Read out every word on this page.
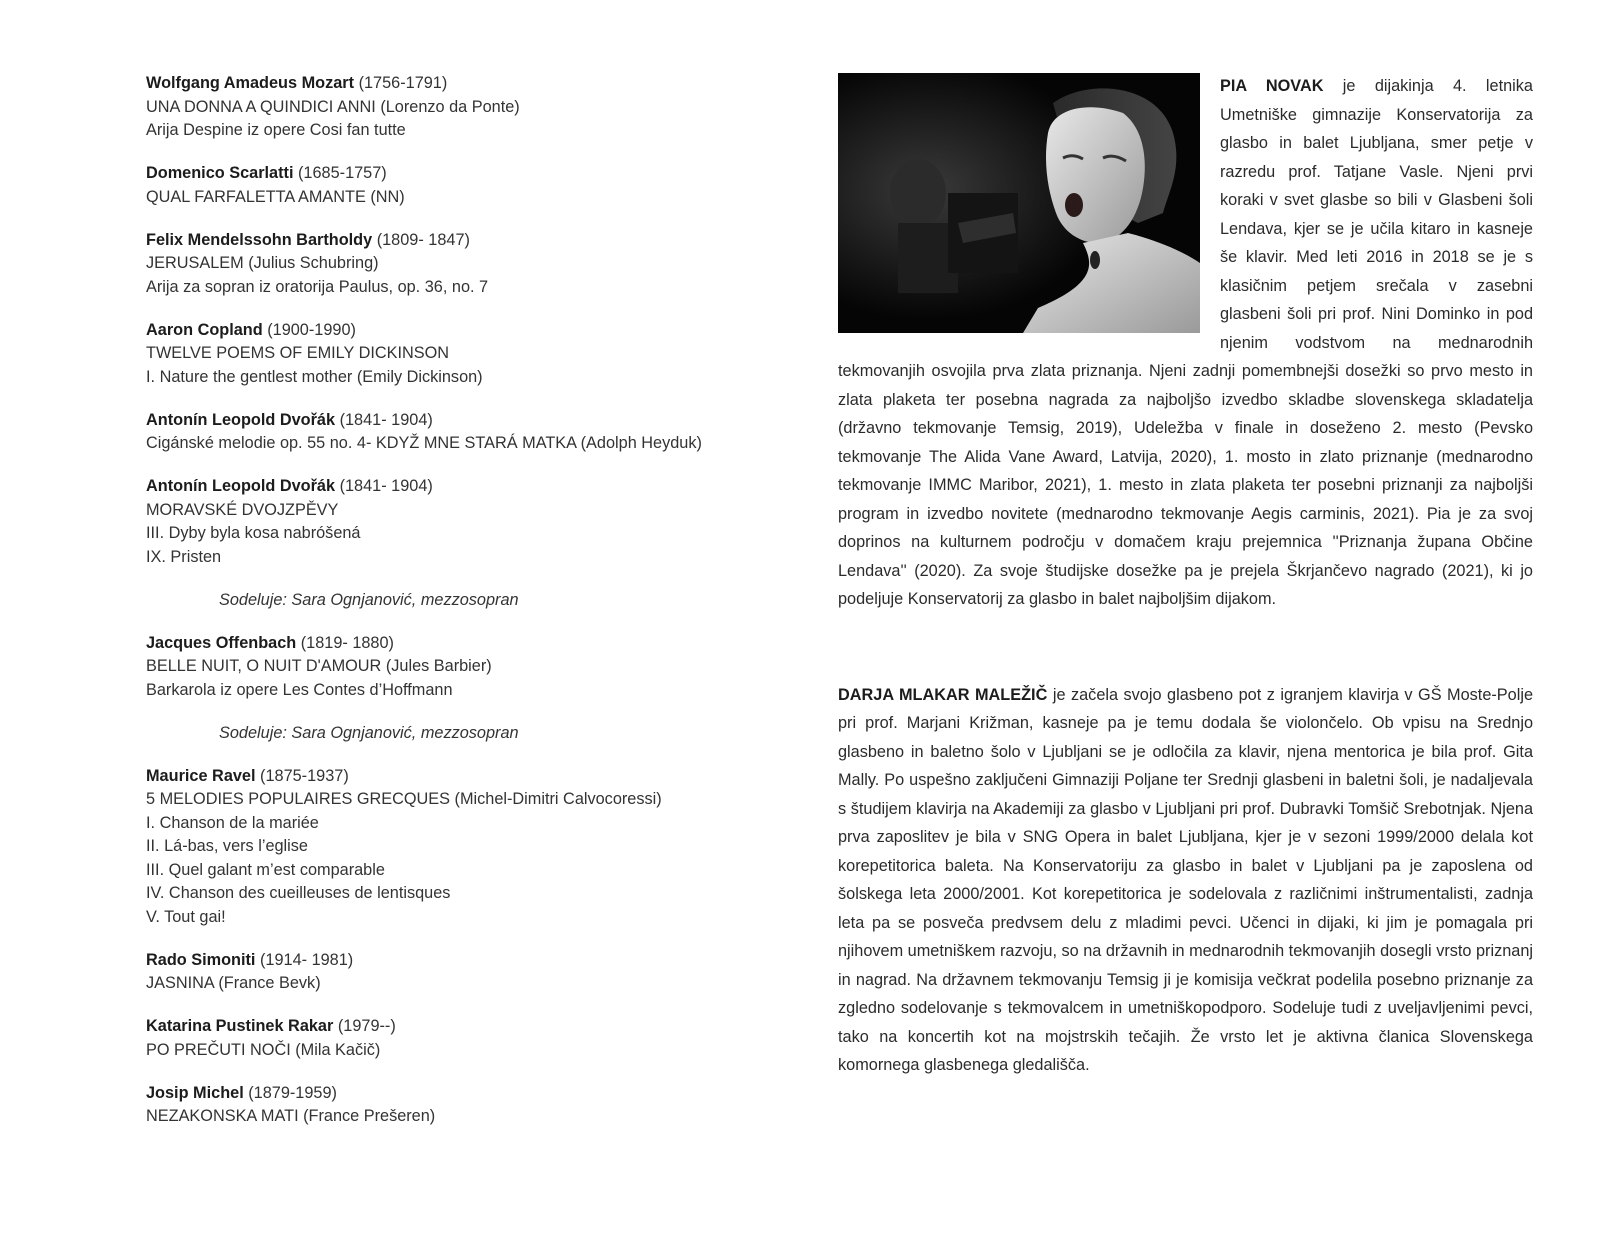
Wolfgang Amadeus Mozart (1756-1791)
UNA DONNA A QUINDICI ANNI (Lorenzo da Ponte)
Arija Despine iz opere Cosi fan tutte
Domenico Scarlatti (1685-1757)
QUAL FARFALETTA AMANTE (NN)
Felix Mendelssohn Bartholdy (1809- 1847)
JERUSALEM (Julius Schubring)
Arija za sopran iz oratorija Paulus, op. 36, no. 7
Aaron Copland (1900-1990)
TWELVE POEMS OF EMILY DICKINSON
I. Nature the gentlest mother (Emily Dickinson)
Antonín Leopold Dvořák (1841- 1904)
Cigánské melodie op. 55 no. 4- KDYŽ MNE STARÁ MATKA (Adolph Heyduk)
Antonín Leopold Dvořák (1841- 1904)
MORAVSKÉ DVOJZPĚVY
III. Dyby byla kosa nabróšená
IX. Pristen
Sodeluje: Sara Ognjanović, mezzosopran
Jacques Offenbach (1819- 1880)
BELLE NUIT, O NUIT D'AMOUR (Jules Barbier)
Barkarola iz opere Les Contes d’Hoffmann
Sodeluje: Sara Ognjanović, mezzosopran
Maurice Ravel (1875-1937)
5 MELODIES POPULAIRES GRECQUES (Michel-Dimitri Calvocoressi)
I. Chanson de la mariée
II. Lá-bas, vers l’eglise
III. Quel galant m’est comparable
IV. Chanson des cueilleuses de lentisques
V. Tout gai!
Rado Simoniti (1914- 1981)
JASNINA (France Bevk)
Katarina Pustinek Rakar (1979--)
PO PREČUTI NOČI (Mila Kačič)
Josip Michel (1879-1959)
NEZAKONSKA MATI (France Prešeren)

PIA NOVAK je dijakinja 4. letnika Umetniške gimnazije Konservatorija za glasbo in balet Ljubljana, smer petje v razredu prof. Tatjane Vasle. Njeni prvi koraki v svet glasbe so bili v Glasbeni šoli Lendava, kjer se je učila kitaro in kasneje še klavir. Med leti 2016 in 2018 se je s klasičnim petjem srečala v zasebni glasbeni šoli pri prof. Nini Dominko in pod njenim vodstvom na mednarodnih tekmovanjih osvojila prva zlata priznanja. Njeni zadnji pomembnejši dosežki so prvo mesto in zlata plaketa ter posebna nagrada za najboljšo izvedbo skladbe slovenskega skladatelja (državno tekmovanje Temsig, 2019), Udeležba v finale in doseženo 2. mesto (Pevsko tekmovanje The Alida Vane Award, Latvija, 2020), 1. mosto in zlato priznanje (mednarodno tekmovanje IMMC Maribor, 2021), 1. mesto in zlata plaketa ter posebni priznanji za najboljši program in izvedbo novitete (mednarodno tekmovanje Aegis carminis, 2021). Pia je za svoj doprinos na kulturnem področju v domačem kraju prejemnica ''Priznanja župana Občine Lendava'' (2020). Za svoje študijske dosežke pa je prejela Škrjančevo nagrado (2021), ki jo podeljuje Konservatorij za glasbo in balet najboljšim dijakom.

DARJA MLAKAR MALEŽIČ je začela svojo glasbeno pot z igranjem klavirja v GŠ Moste-Polje pri prof. Marjani Križman, kasneje pa je temu dodala še violončelo. Ob vpisu na Srednjo glasbeno in baletno šolo v Ljubljani se je odločila za klavir, njena mentorica je bila prof. Gita Mally. Po uspešno zaključeni Gimnaziji Poljane ter Srednji glasbeni in baletni šoli, je nadaljevala s študijem klavirja na Akademiji za glasbo v Ljubljani pri prof. Dubravki Tomšič Srebotnjak. Njena prva zaposlitev je bila v SNG Opera in balet Ljubljana, kjer je v sezoni 1999/2000 delala kot korepetitorica baleta. Na Konservatoriju za glasbo in balet v Ljubljani pa je zaposlena od šolskega leta 2000/2001. Kot korepetitorica je sodelovala z različnimi inštrumentalisti, zadnja leta pa se posveča predvsem delu z mladimi pevci. Učenci in dijaki, ki jim je pomagala pri njihovem umetniškem razvoju, so na državnih in mednarodnih tekmovanjih dosegli vrsto priznanj in nagrad. Na državnem tekmovanju Temsig ji je komisija večkrat podelila posebno priznanje za zgledno sodelovanje s tekmovalcem in umetniškopodporo. Sodeluje tudi z uveljavljenimi pevci, tako na koncertih kot na mojstrskih tečajih. Že vrsto let je aktivna članica Slovenskega komornega glasbenega gledališča.
